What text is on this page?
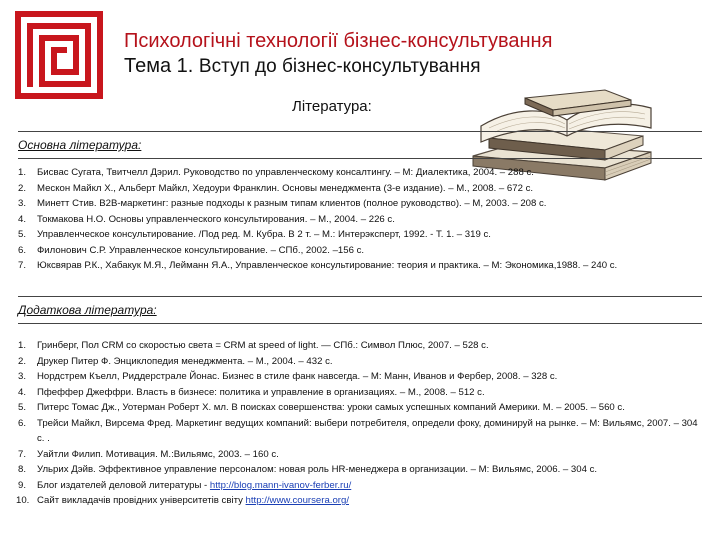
Психологічні технології бізнес-консультування
Тема 1. Вступ до бізнес-консультування
Література:
Основна література:
1. Бисвас Сугата, Твитчелл Дэрил. Руководство по управленческому консалтингу. – М: Диалектика, 2004. – 288 с.
2. Мескон Майкл Х., Альберт Майкл, Хедоури Франклин. Основы менеджмента (3-е издание). – М., 2008. – 672 с.
3. Минетт Стив. B2B-маркетинг: разные подходы к разным типам клиентов (полное руководство). – М, 2003. – 208 с.
4. Токмакова Н.О. Основы управленческого консультирования. – М., 2004. – 226 с.
5. Управленческое консультирование. /Под ред. М. Кубра. В 2 т. – М.: Интерэксперт, 1992. - Т. 1. – 319 с.
6. Филонович С.Р. Управленческое консультирование. – СПб., 2002. –156 с.
7. Юксвярав Р.К., Хабакук М.Я., Лейманн Я.А., Управленческое консультирование: теория и практика. – М: Экономика,1988. – 240 с.
Додаткова література:
1. Гринберг, Пол CRM со скоростью света = CRM at speed of light. — СПб.: Символ Плюс, 2007. – 528 с.
2. Друкер Питер Ф. Энциклопедия менеджмента. – М., 2004. – 432 с.
3. Нордстрем Къелл, Риддерстрале Йонас. Бизнес в стиле фанк навсегда. – М: Манн, Иванов и Фербер, 2008. – 328 с.
4. Пфеффер Джеффри. Власть в бизнесе: политика и управление в организациях. – М., 2008. – 512 с.
5. Питерс Томас Дж., Уотерман Роберт Х. мл. В поисках совершенства: уроки самых успешных компаний Америки. М. – 2005. – 560 с.
6. Трейси Майкл, Вирсема Фред. Маркетинг ведущих компаний: выбери потребителя, определи фоку, доминируй на рынке. – М: Вильямс, 2007. – 304 с. .
7. Уайтли Филип. Мотивация. М.:Вильямс, 2003. – 160 с.
8. Ульрих Дэйв. Эффективное управление персоналом: новая роль HR-менеджера в организации. – М: Вильямс, 2006. – 304 с.
9. Блог издателей деловой литературы - http://blog.mann-ivanov-ferber.ru/
10. Сайт викладачів провідних університетів світу http://www.coursera.org/
